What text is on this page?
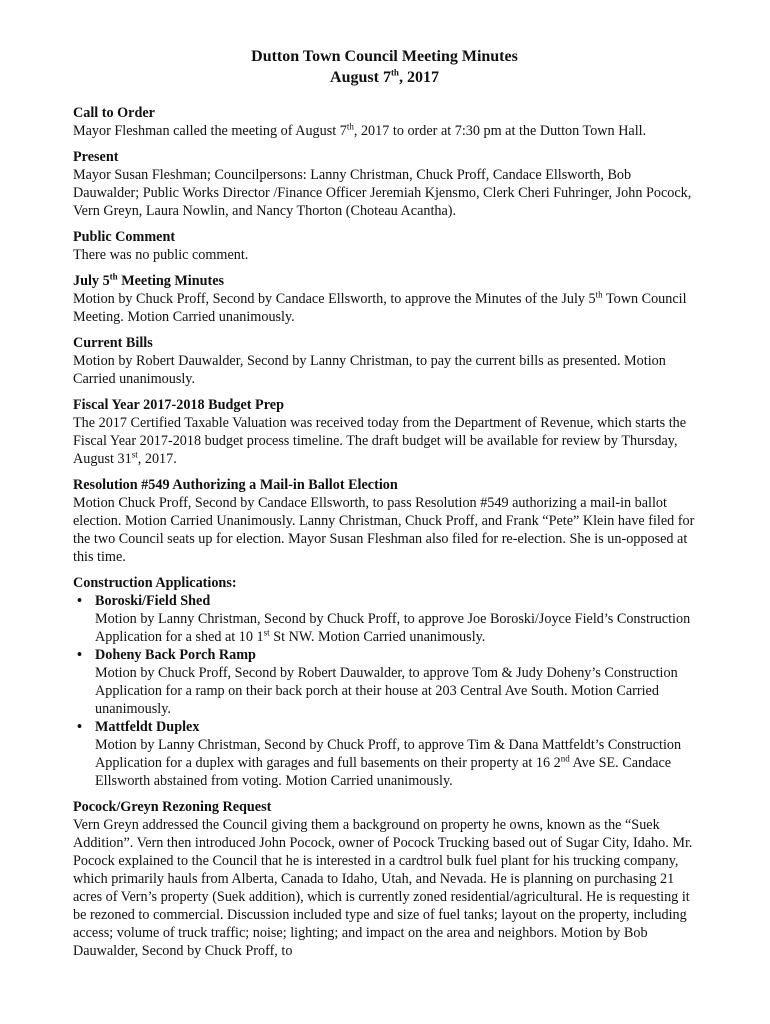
Dutton Town Council Meeting Minutes
August 7th, 2017
Call to Order
Mayor Fleshman called the meeting of August 7th, 2017 to order at 7:30 pm at the Dutton Town Hall.
Present
Mayor Susan Fleshman; Councilpersons: Lanny Christman, Chuck Proff, Candace Ellsworth, Bob Dauwalder; Public Works Director /Finance Officer Jeremiah Kjensmo, Clerk Cheri Fuhringer, John Pocock, Vern Greyn, Laura Nowlin, and Nancy Thorton (Choteau Acantha).
Public Comment
There was no public comment.
July 5th Meeting Minutes
Motion by Chuck Proff, Second by Candace Ellsworth, to approve the Minutes of the July 5th Town Council Meeting. Motion Carried unanimously.
Current Bills
Motion by Robert Dauwalder, Second by Lanny Christman, to pay the current bills as presented. Motion Carried unanimously.
Fiscal Year 2017-2018 Budget Prep
The 2017 Certified Taxable Valuation was received today from the Department of Revenue, which starts the Fiscal Year 2017-2018 budget process timeline. The draft budget will be available for review by Thursday, August 31st, 2017.
Resolution #549 Authorizing a Mail-in Ballot Election
Motion Chuck Proff, Second by Candace Ellsworth, to pass Resolution #549 authorizing a mail-in ballot election. Motion Carried Unanimously. Lanny Christman, Chuck Proff, and Frank “Pete” Klein have filed for the two Council seats up for election. Mayor Susan Fleshman also filed for re-election. She is un-opposed at this time.
Construction Applications:
• Boroski/Field Shed
Motion by Lanny Christman, Second by Chuck Proff, to approve Joe Boroski/Joyce Field’s Construction Application for a shed at 10 1st St NW. Motion Carried unanimously.
• Doheny Back Porch Ramp
Motion by Chuck Proff, Second by Robert Dauwalder, to approve Tom & Judy Doheny’s Construction Application for a ramp on their back porch at their house at 203 Central Ave South. Motion Carried unanimously.
• Mattfeldt Duplex
Motion by Lanny Christman, Second by Chuck Proff, to approve Tim & Dana Mattfeldt’s Construction Application for a duplex with garages and full basements on their property at 16 2nd Ave SE. Candace Ellsworth abstained from voting. Motion Carried unanimously.
Pocock/Greyn Rezoning Request
Vern Greyn addressed the Council giving them a background on property he owns, known as the “Suek Addition”. Vern then introduced John Pocock, owner of Pocock Trucking based out of Sugar City, Idaho. Mr. Pocock explained to the Council that he is interested in a cardtrol bulk fuel plant for his trucking company, which primarily hauls from Alberta, Canada to Idaho, Utah, and Nevada. He is planning on purchasing 21 acres of Vern’s property (Suek addition), which is currently zoned residential/agricultural. He is requesting it be rezoned to commercial. Discussion included type and size of fuel tanks; layout on the property, including access; volume of truck traffic; noise; lighting; and impact on the area and neighbors. Motion by Bob Dauwalder, Second by Chuck Proff, to
